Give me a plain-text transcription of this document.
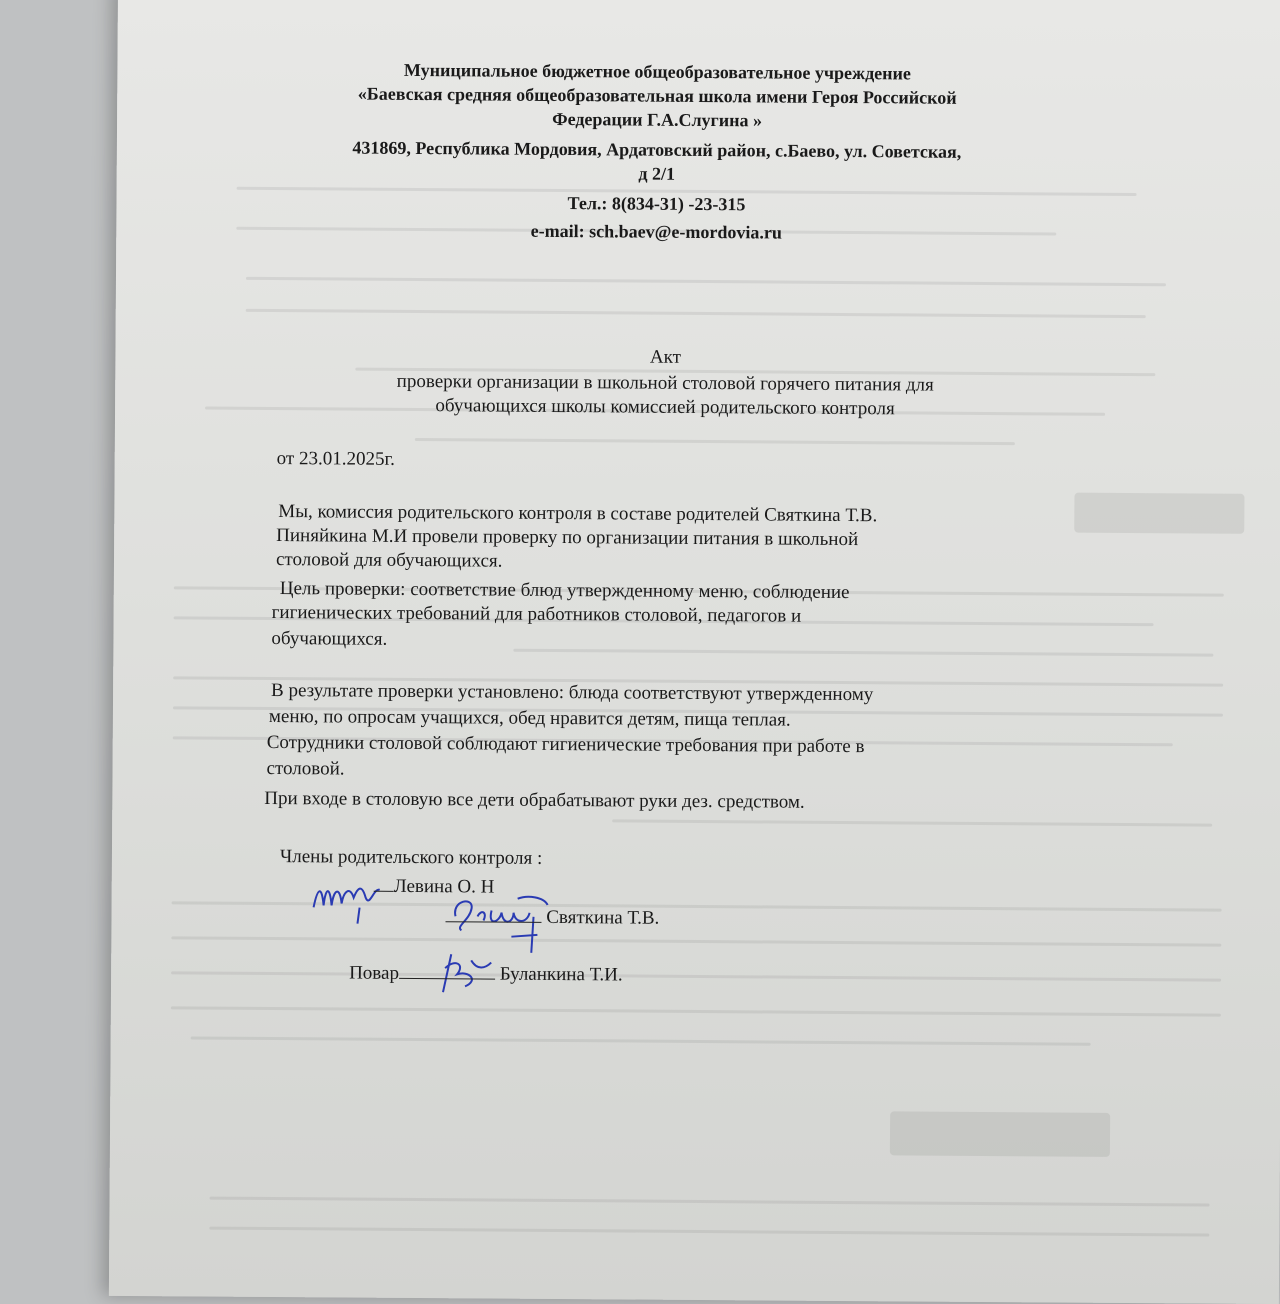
Муниципальное бюджетное общеобразовательное учреждение
«Баевская средняя общеобразовательная школа имени Героя Российской
Федерации Г.А.Слугина »
431869, Республика Мордовия, Ардатовский район, с.Баево, ул. Советская,
д 2/1
Тел.: 8(834-31) -23-315
e-mail: sch.baev@e-mordovia.ru
Акт
проверки организации в школьной столовой горячего питания для
обучающихся школы комиссией родительского контроля
от 23.01.2025г.
Мы, комиссия родительского контроля в составе родителей Святкина Т.В.
Пиняйкина М.И провели проверку по организации питания в школьной
столовой для обучающихся.
Цель проверки: соответствие блюд утвержденному меню, соблюдение
гигиенических требований для работников столовой, педагогов и
обучающихся.
В результате проверки установлено: блюда соответствуют утвержденному
меню, по опросам учащихся, обед нравится детям, пища теплая.
Сотрудники столовой соблюдают гигиенические требования при работе в
столовой.
При входе в столовую все дети обрабатывают руки дез. средством.
Члены родительского контроля :
Левина О. Н
Святкина Т.В.
Повар	Буланкина Т.И.
